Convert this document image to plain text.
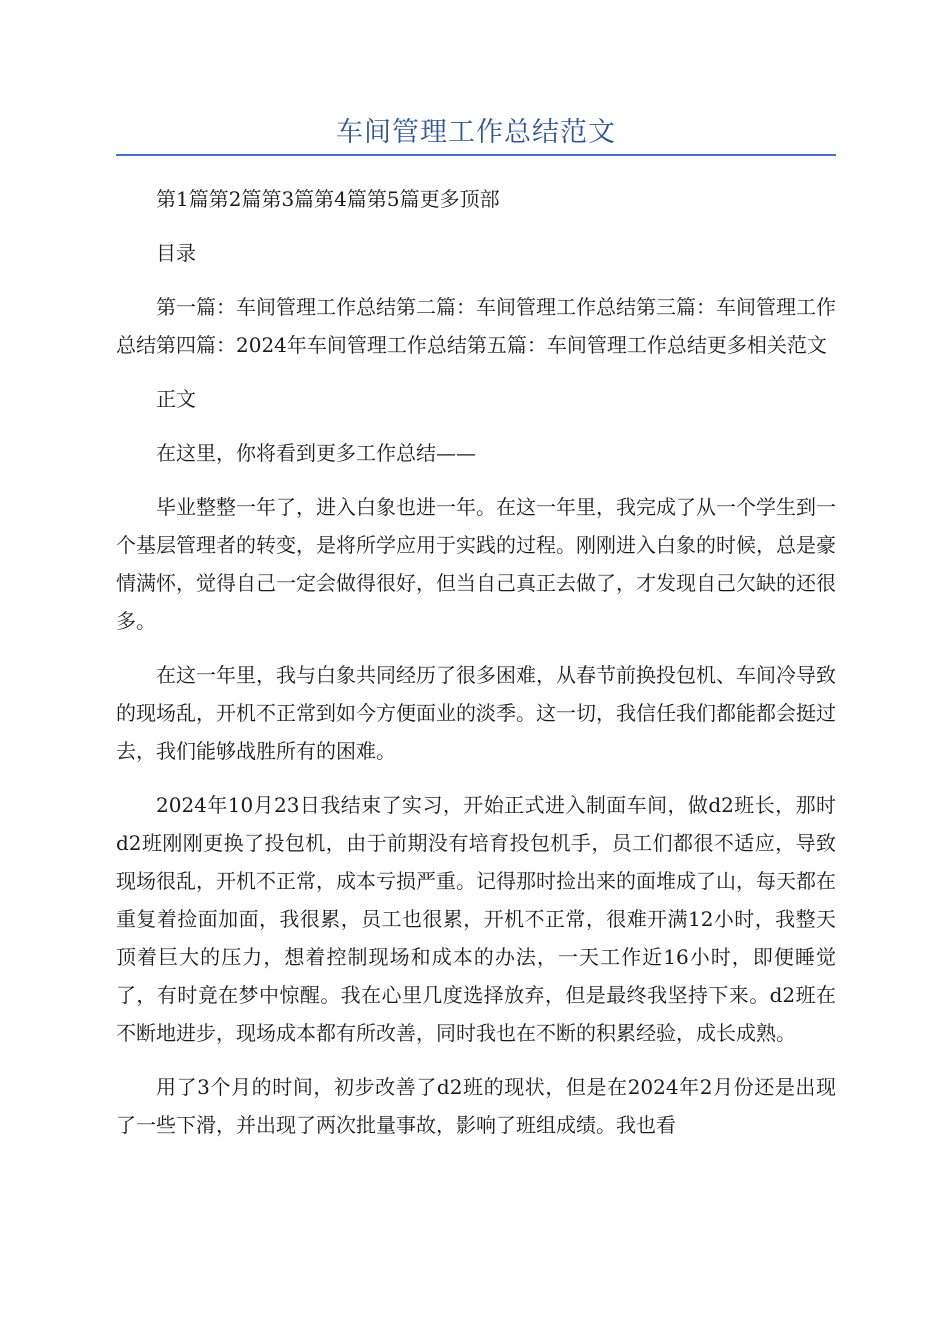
车间管理工作总结范文

第1篇第2篇第3篇第4篇第5篇更多顶部

目录

第一篇：车间管理工作总结第二篇：车间管理工作总结第三篇：车间管理工作总结第四篇：2024年车间管理工作总结第五篇：车间管理工作总结更多相关范文

正文

在这里，你将看到更多工作总结——

毕业整整一年了，进入白象也进一年。在这一年里，我完成了从一个学生到一个基层管理者的转变，是将所学应用于实践的过程。刚刚进入白象的时候，总是豪情满怀，觉得自己一定会做得很好，但当自己真正去做了，才发现自己欠缺的还很多。

在这一年里，我与白象共同经历了很多困难，从春节前换投包机、车间冷导致的现场乱，开机不正常到如今方便面业的淡季。这一切，我信任我们都能都会挺过去，我们能够战胜所有的困难。

2024年10月23日我结束了实习，开始正式进入制面车间，做d2班长，那时d2班刚刚更换了投包机，由于前期没有培育投包机手，员工们都很不适应，导致现场很乱，开机不正常，成本亏损严重。记得那时捡出来的面堆成了山，每天都在重复着捡面加面，我很累，员工也很累，开机不正常，很难开满12小时，我整天顶着巨大的压力，想着控制现场和成本的办法，一天工作近16小时，即便睡觉了，有时竟在梦中惊醒。我在心里几度选择放弃，但是最终我坚持下来。d2班在不断地进步，现场成本都有所改善，同时我也在不断的积累经验，成长成熟。

用了3个月的时间，初步改善了d2班的现状，但是在2024年2月份还是出现了一些下滑，并出现了两次批量事故，影响了班组成绩。我也看
